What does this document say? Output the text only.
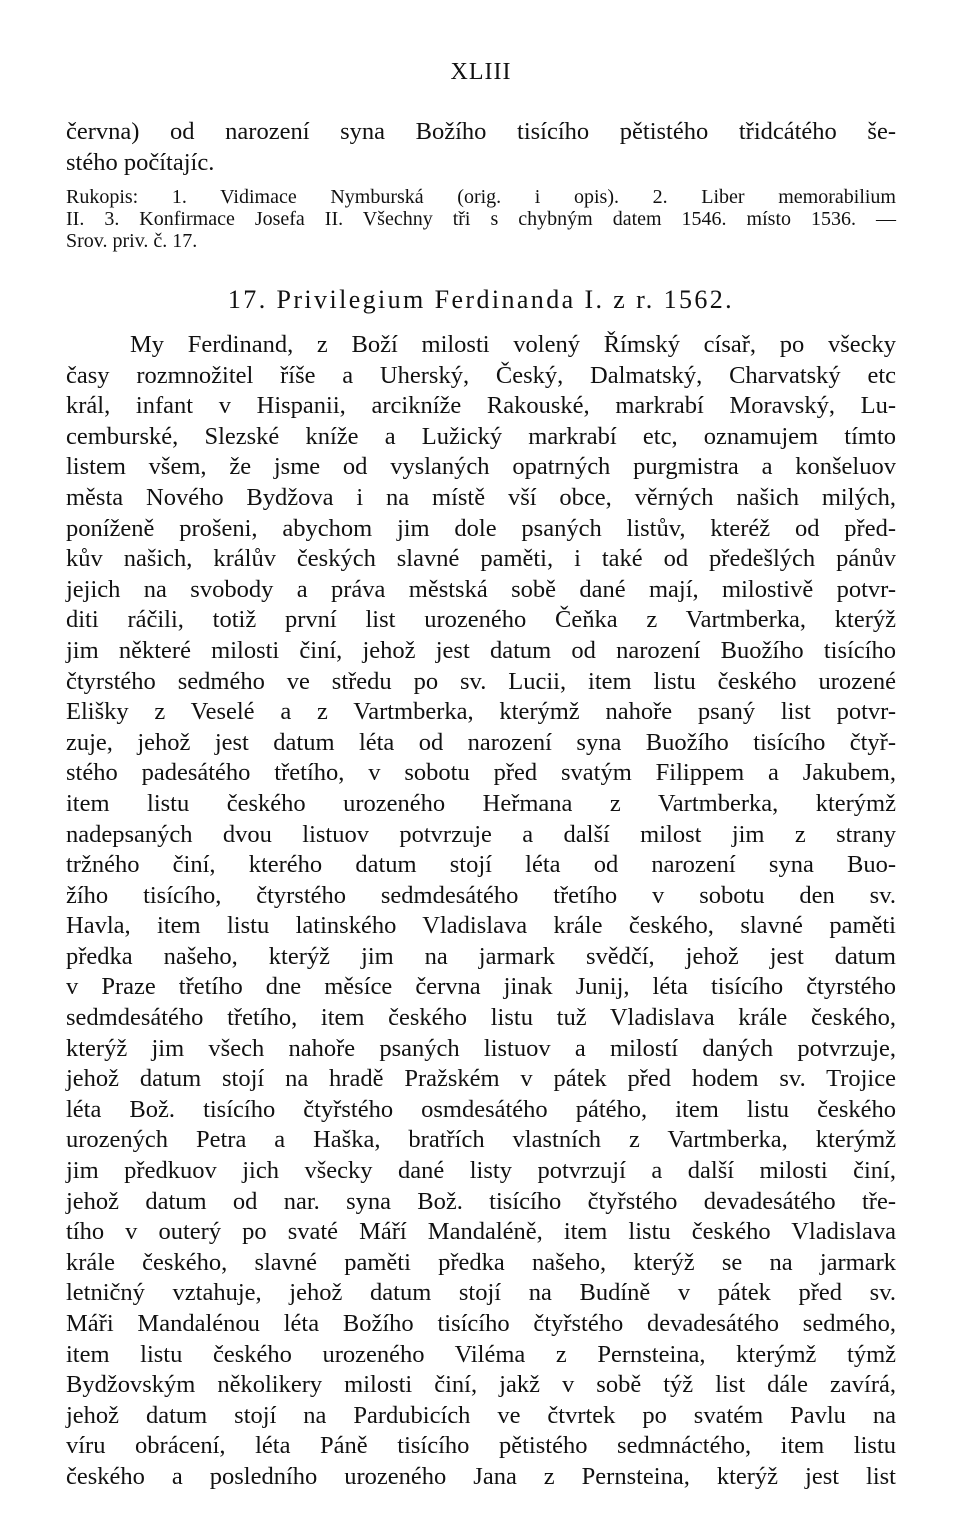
XLIII
června) od narození syna Božího tisícího pětistého třidcátého še-
stého počítajíc.
Rukopis: 1. Vidimace Nymburská (orig. i opis). 2. Liber memorabilium
II. 3. Konfirmace Josefa II. Všechny tři s chybným datem 1546. místo 1536. —
Srov. priv. č. 17.
17. Privilegium Ferdinanda I. z r. 1562.
My Ferdinand, z Boží milosti volený Římský císař, po všecky
časy rozmnožitel říše a Uherský, Český, Dalmatský, Charvatský etc
král, infant v Hispanii, arcikníže Rakouské, markrabí Moravský, Lu-
cemburské, Slezské kníže a Lužický markrabí etc, oznamujem tímto
listem všem, že jsme od vyslaných opatrných purgmistra a konšeluov
města Nového Bydžova i na místě vší obce, věrných našich milých,
poníženě prošeni, abychom jim dole psaných listův, kteréž od před-
kův našich, králův českých slavné paměti, i také od předešlých pánův
jejich na svobody a práva městská sobě dané mají, milostivě potvr-
diti ráčili, totiž první list urozeného Čeňka z Vartmberka, kterýž
jim některé milosti činí, jehož jest datum od narození Buožího tisícího
čtyrstého sedmého ve středu po sv. Lucii, item listu českého urozené
Elišky z Veselé a z Vartmberka, kterýmž nahoře psaný list potvr-
zuje, jehož jest datum léta od narození syna Buožího tisícího čtyř-
stého padesátého třetího, v sobotu před svatým Filippem a Jakubem,
item listu českého urozeného Heřmana z Vartmberka, kterýmž
nadepsaných dvou listuov potvrzuje a další milost jim z strany
tržného činí, kterého datum stojí léta od narození syna Buo-
žího tisícího, čtyrstého sedmdesátého třetího v sobotu den sv.
Havla, item listu latinského Vladislava krále českého, slavné paměti
předka našeho, kterýž jim na jarmark svědčí, jehož jest datum
v Praze třetího dne měsíce června jinak Junij, léta tisícího čtyrstého
sedmdesátého třetího, item českého listu tuž Vladislava krále českého,
kterýž jim všech nahoře psaných listuov a milostí daných potvrzuje,
jehož datum stojí na hradě Pražském v pátek před hodem sv. Trojice
léta Bož. tisícího čtyřstého osmdesátého pátého, item listu českého
urozených Petra a Haška, bratřích vlastních z Vartmberka, kterýmž
jim předkuov jich všecky dané listy potvrzují a další milosti činí,
jehož datum od nar. syna Bož. tisícího čtyřstého devadesátého tře-
tího v outerý po svaté Máří Mandaléně, item listu českého Vladislava
krále českého, slavné paměti předka našeho, kterýž se na jarmark
letničný vztahuje, jehož datum stojí na Budíně v pátek před sv.
Máři Mandalénou léta Božího tisícího čtyřstého devadesátého sedmého,
item listu českého urozeného Viléma z Pernsteina, kterýmž týmž
Bydžovským několikery milosti činí, jakž v sobě týž list dále zavírá,
jehož datum stojí na Pardubicích ve čtvrtek po svatém Pavlu na
víru obrácení, léta Páně tisícího pětistého sedmnáctého, item listu
českého a posledního urozeného Jana z Pernsteina, kterýž jest list
